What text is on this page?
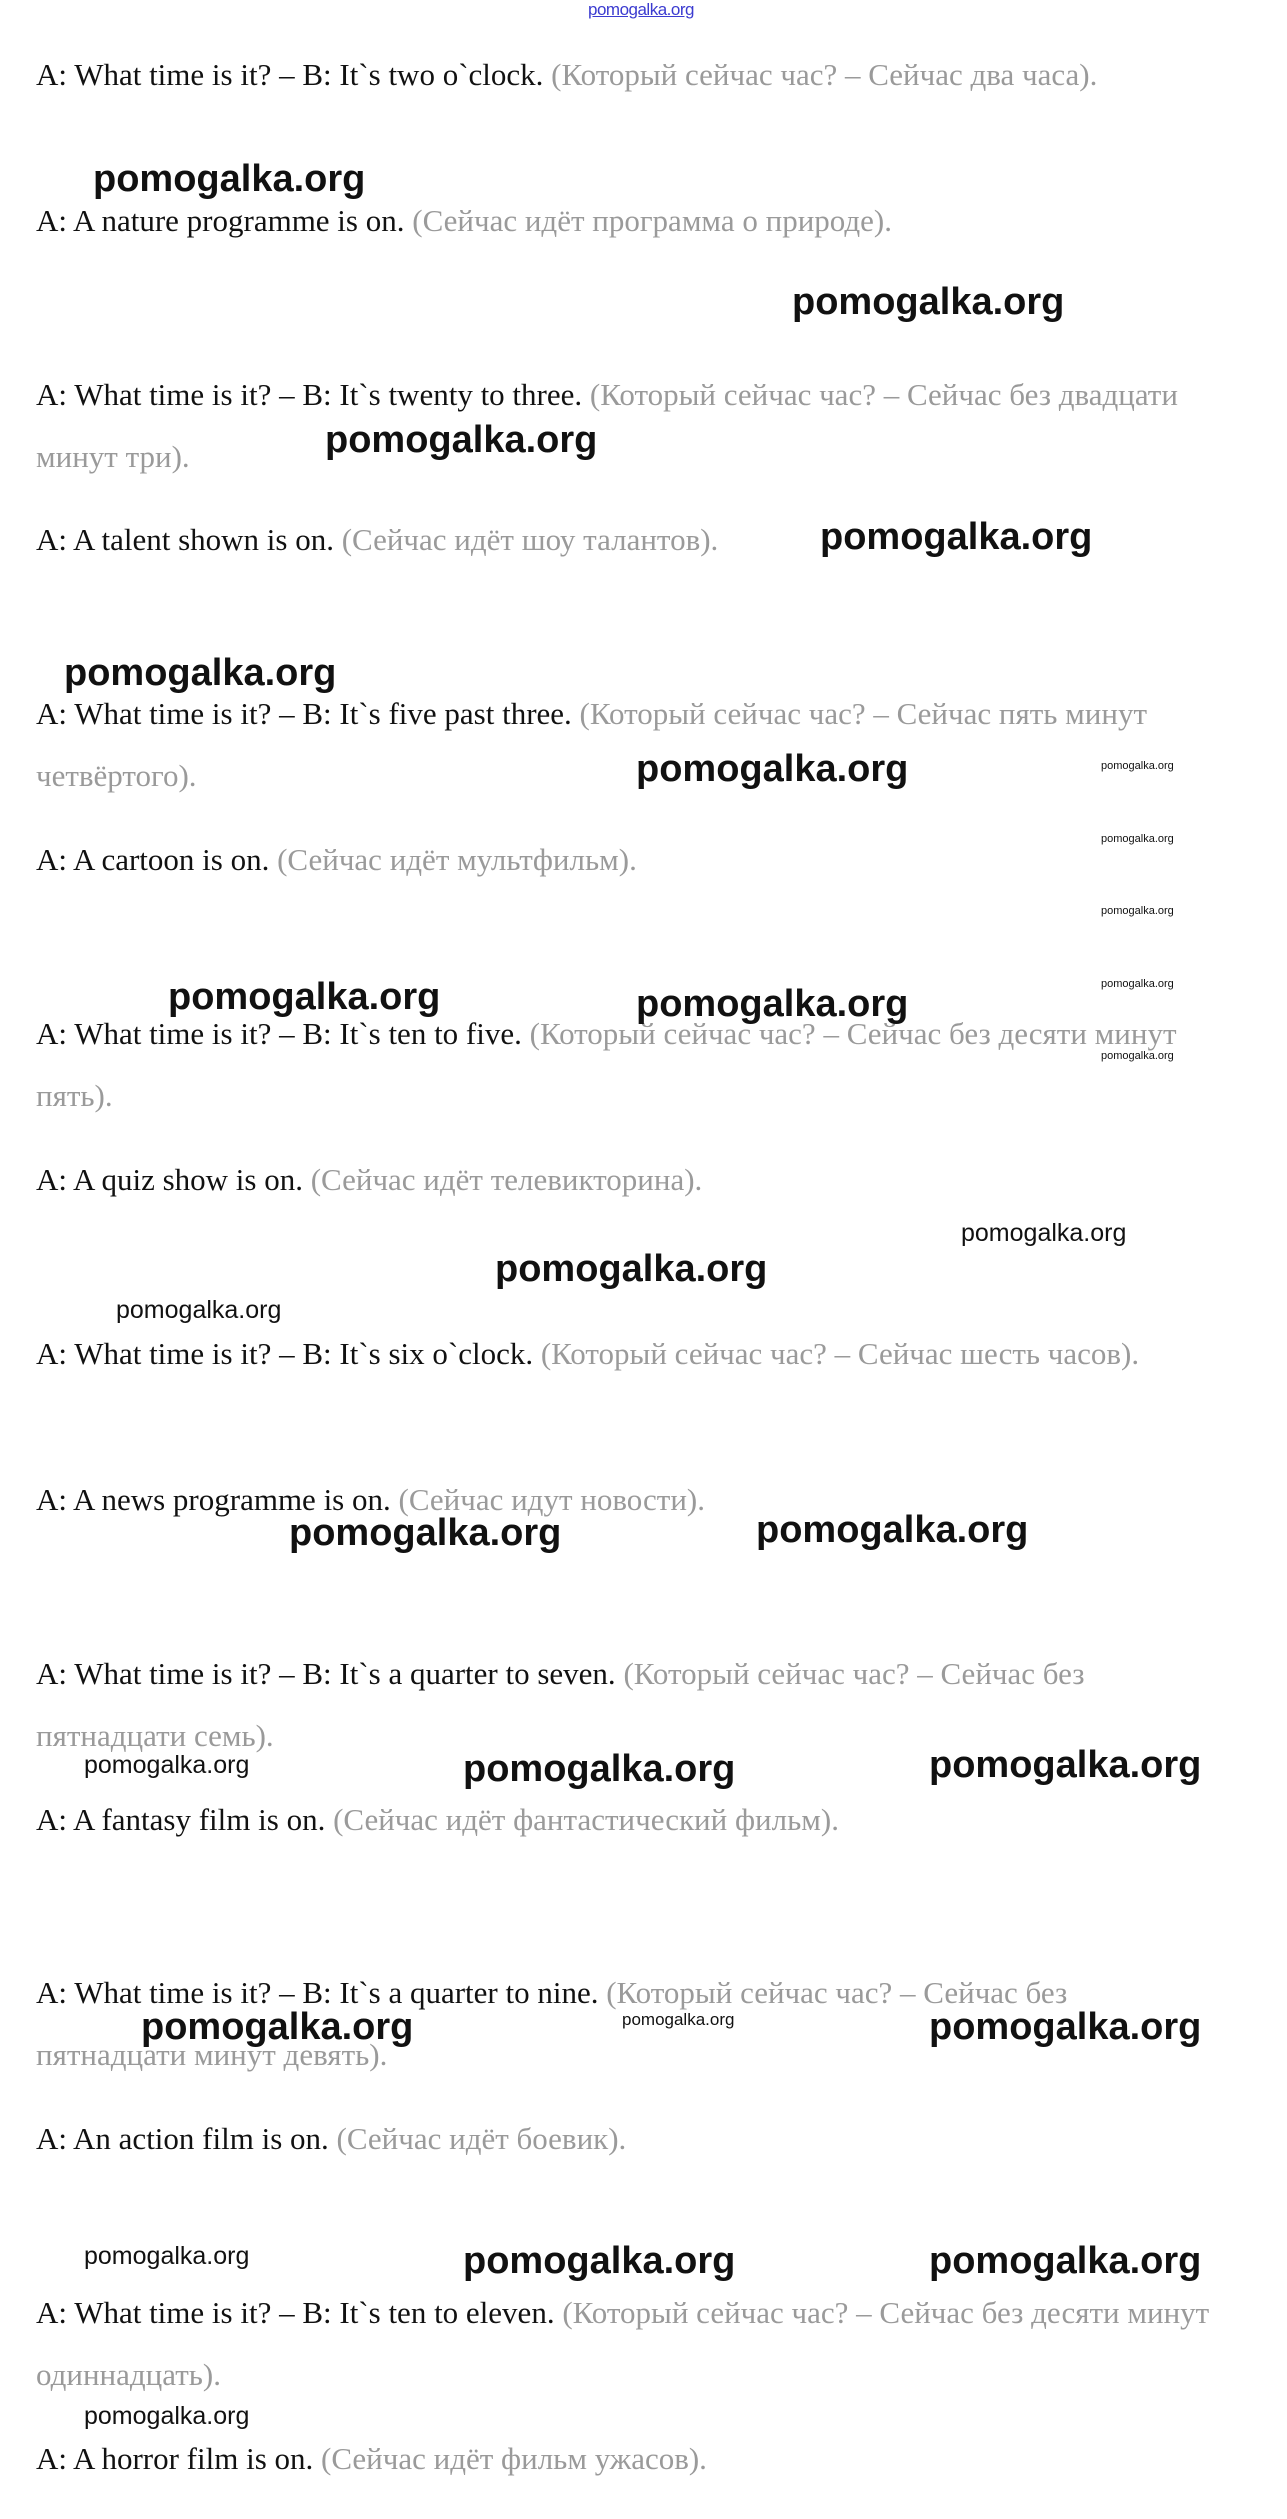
pomogalka.org
A: What time is it? – B: It`s two o`clock. (Который сейчас час? – Сейчас два часа).
A: A nature programme is on. (Сейчас идёт программа о природе).
A: What time is it? – B: It`s twenty to three. (Который сейчас час? – Сейчас без двадцати минут три).
A: A talent shown is on. (Сейчас идёт шоу талантов).
A: What time is it? – B: It`s five past three. (Который сейчас час? – Сейчас пять минут четвёртого).
A: A cartoon is on. (Сейчас идёт мультфильм).
A: What time is it? – B: It`s ten to five. (Который сейчас час? – Сейчас без десяти минут пять).
A: A quiz show is on. (Сейчас идёт телевикторина).
A: What time is it? – B: It`s six o`clock. (Который сейчас час? – Сейчас шесть часов).
A: A news programme is on. (Сейчас идут новости).
A: What time is it? – B: It`s a quarter to seven. (Который сейчас час? – Сейчас без пятнадцати семь).
A: A fantasy film is on. (Сейчас идёт фантастический фильм).
A: What time is it? – B: It`s a quarter to nine. (Который сейчас час? – Сейчас без пятнадцати минут девять).
A: An action film is on. (Сейчас идёт боевик).
A: What time is it? – B: It`s ten to eleven. (Который сейчас час? – Сейчас без десяти минут одиннадцать).
A: A horror film is on. (Сейчас идёт фильм ужасов).
pomogalka.org
pomogalka.org
pomogalka.org
pomogalka.org
pomogalka.org
pomogalka.org	pomogalka.org
pomogalka.org
pomogalka.org
pomogalka.org
pomogalka.org
pomogalka.org	pomogalka.org
pomogalka.org
pomogalka.org
pomogalka.org
pomogalka.org	pomogalka.org
pomogalka.org	pomogalka.org	pomogalka.org
pomogalka.org	pomogalka.org	pomogalka.org
pomogalka.org	pomogalka.org	pomogalka.org
pomogalka.org
